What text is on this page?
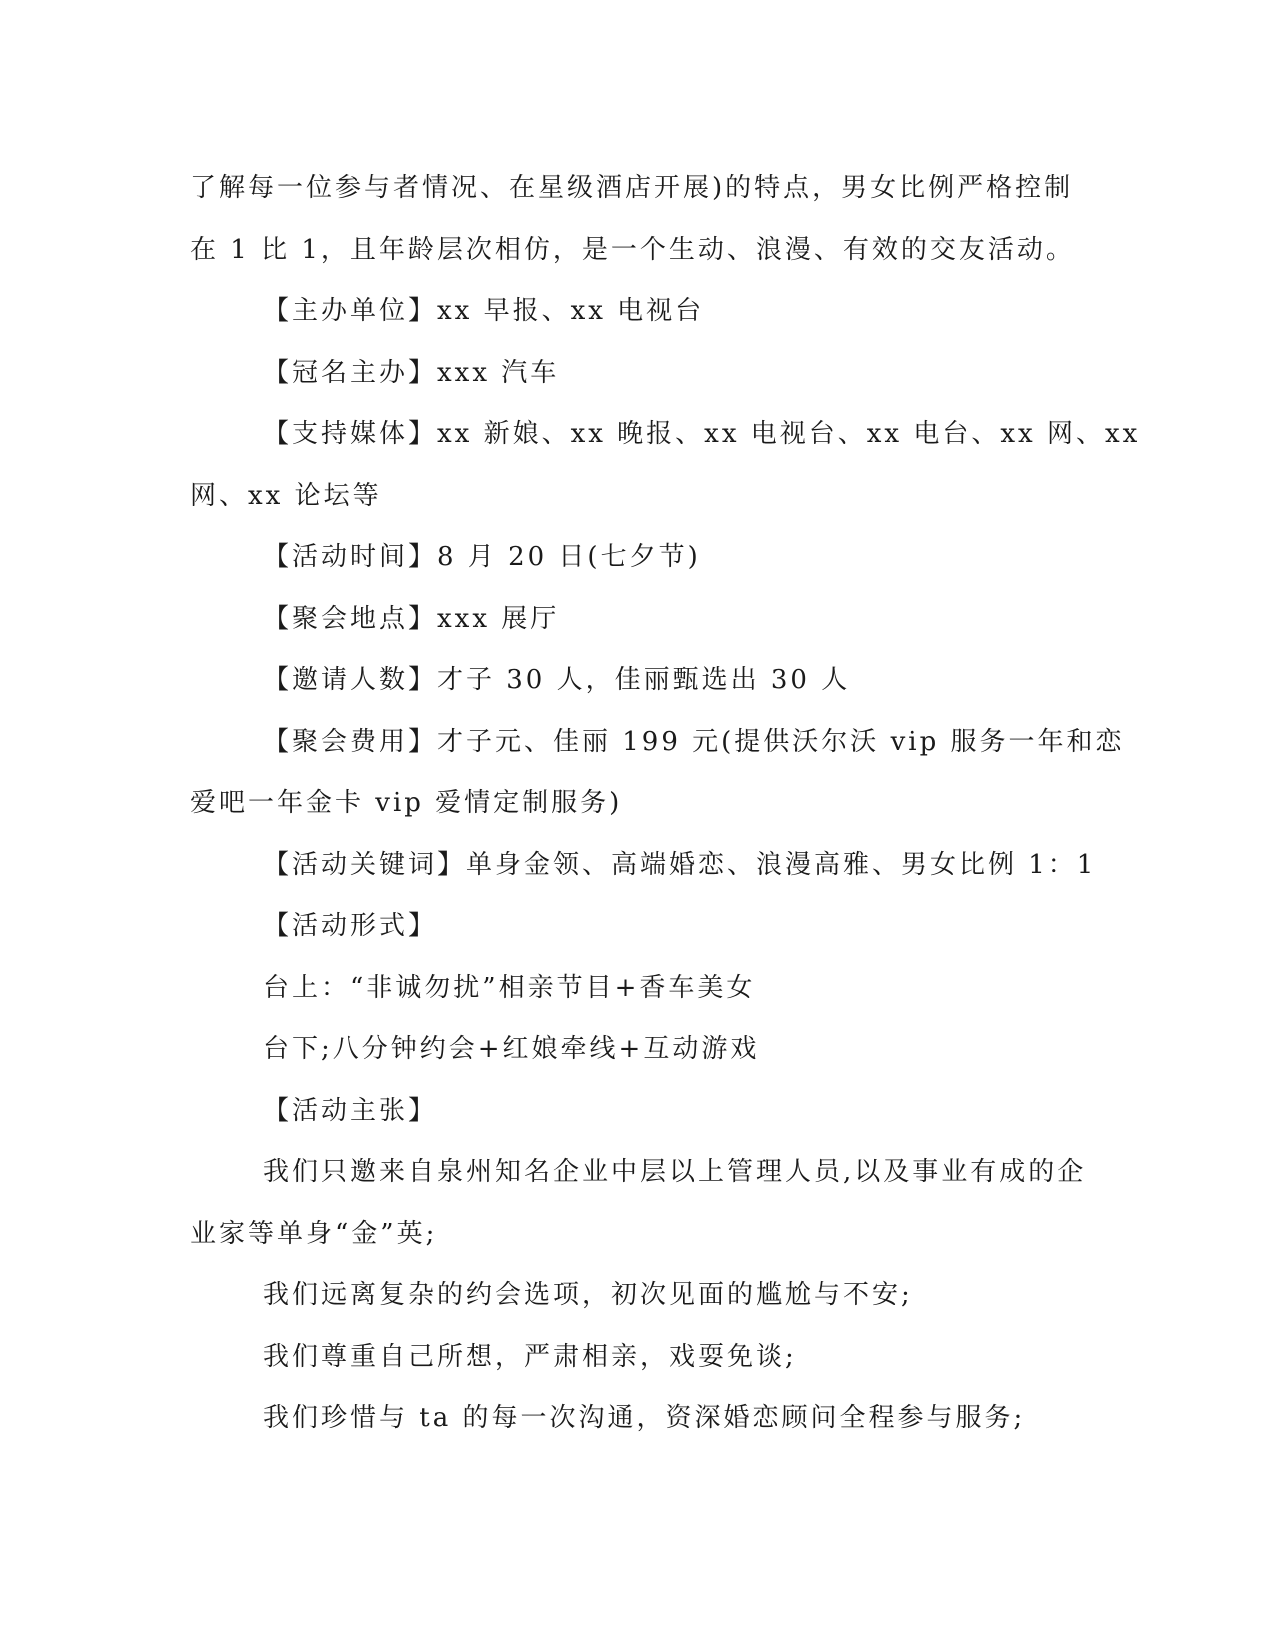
了解每一位参与者情况、在星级酒店开展)的特点，男女比例严格控制
在 1 比 1，且年龄层次相仿，是一个生动、浪漫、有效的交友活动。
【主办单位】xx 早报、xx 电视台
【冠名主办】xxx 汽车
【支持媒体】xx 新娘、xx 晚报、xx 电视台、xx 电台、xx 网、xx
网、xx 论坛等
【活动时间】8 月 20 日(七夕节)
【聚会地点】xxx 展厅
【邀请人数】才子 30 人，佳丽甄选出 30 人
【聚会费用】才子元、佳丽 199 元(提供沃尔沃 vip 服务一年和恋
爱吧一年金卡 vip 爱情定制服务)
【活动关键词】单身金领、高端婚恋、浪漫高雅、男女比例 1：1
【活动形式】
台上：“非诚勿扰”相亲节目+香车美女
台下;八分钟约会+红娘牵线+互动游戏
【活动主张】
我们只邀来自泉州知名企业中层以上管理人员,以及事业有成的企
业家等单身“金”英;
我们远离复杂的约会选项，初次见面的尴尬与不安;
我们尊重自己所想，严肃相亲，戏耍免谈;
我们珍惜与 ta 的每一次沟通，资深婚恋顾问全程参与服务;
